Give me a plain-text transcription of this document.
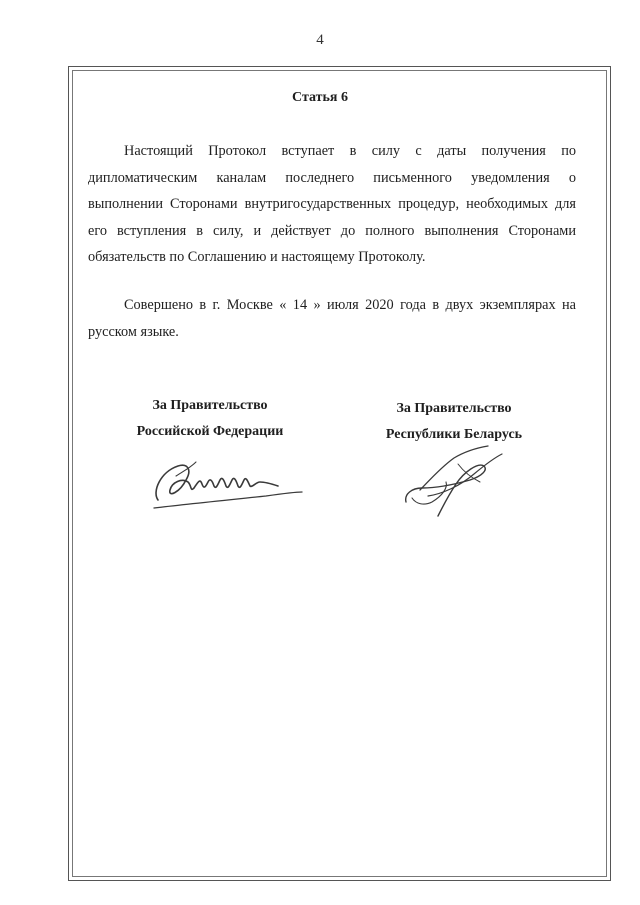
4
Статья 6
Настоящий Протокол вступает в силу с даты получения по дипломатическим каналам последнего письменного уведомления о выполнении Сторонами внутригосударственных процедур, необходимых для его вступления в силу, и действует до полного выполнения Сторонами обязательств по Соглашению и настоящему Протоколу.
Совершено в г. Москве « 14 » июля 2020 года в двух экземплярах на русском языке.
За Правительство
Российской Федерации
За Правительство
Республики Беларусь
